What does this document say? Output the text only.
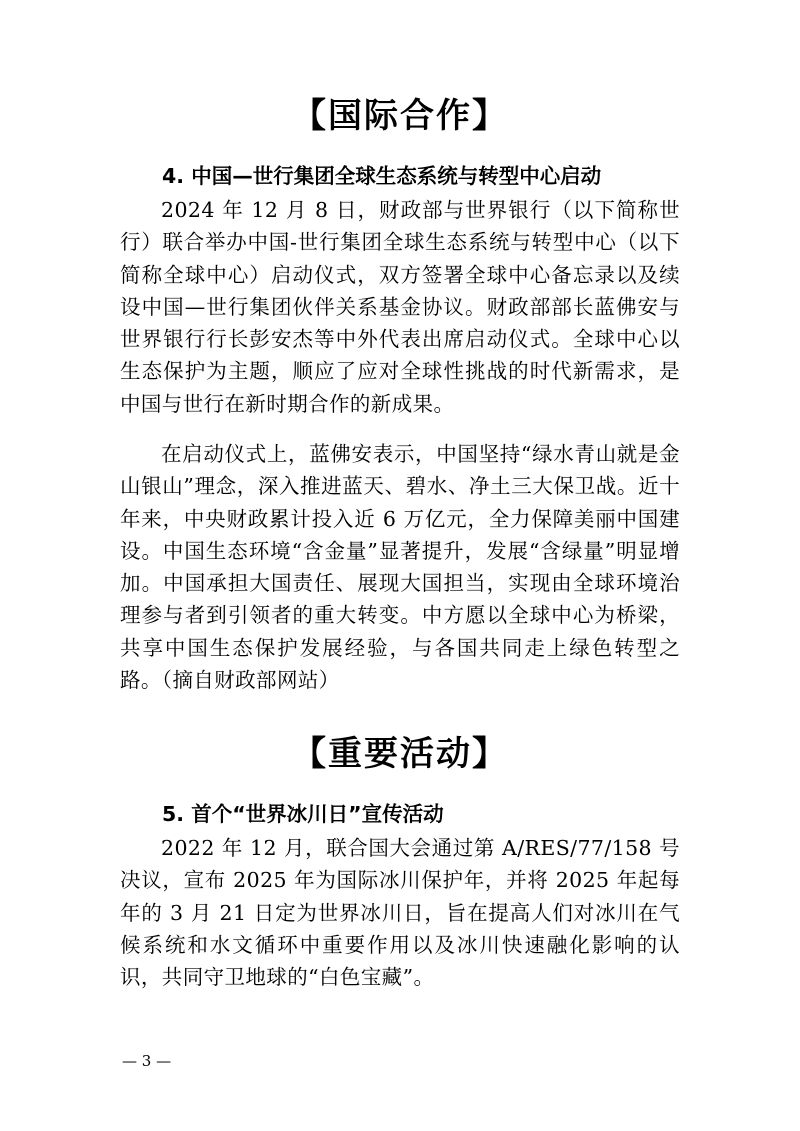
【国际合作】
4. 中国—世行集团全球生态系统与转型中心启动
2024 年 12 月 8 日，财政部与世界银行（以下简称世行）联合举办中国-世行集团全球生态系统与转型中心（以下简称全球中心）启动仪式，双方签署全球中心备忘录以及续设中国—世行集团伙伴关系基金协议。财政部部长蓝佛安与世界银行行长彭安杰等中外代表出席启动仪式。全球中心以生态保护为主题，顺应了应对全球性挑战的时代新需求，是中国与世行在新时期合作的新成果。
在启动仪式上，蓝佛安表示，中国坚持“绿水青山就是金山银山”理念，深入推进蓝天、碧水、净土三大保卫战。近十年来，中央财政累计投入近 6 万亿元，全力保障美丽中国建设。中国生态环境“含金量”显著提升，发展“含绿量”明显增加。中国承担大国责任、展现大国担当，实现由全球环境治理参与者到引领者的重大转变。中方愿以全球中心为桥梁，共享中国生态保护发展经验，与各国共同走上绿色转型之路。（摘自财政部网站）
【重要活动】
5. 首个“世界冰川日”宣传活动
2022 年 12 月，联合国大会通过第 A/RES/77/158 号决议，宣布 2025 年为国际冰川保护年，并将 2025 年起每年的 3 月 21 日定为世界冰川日，旨在提高人们对冰川在气候系统和水文循环中重要作用以及冰川快速融化影响的认识，共同守卫地球的“白色宝藏”。
— 3 —
